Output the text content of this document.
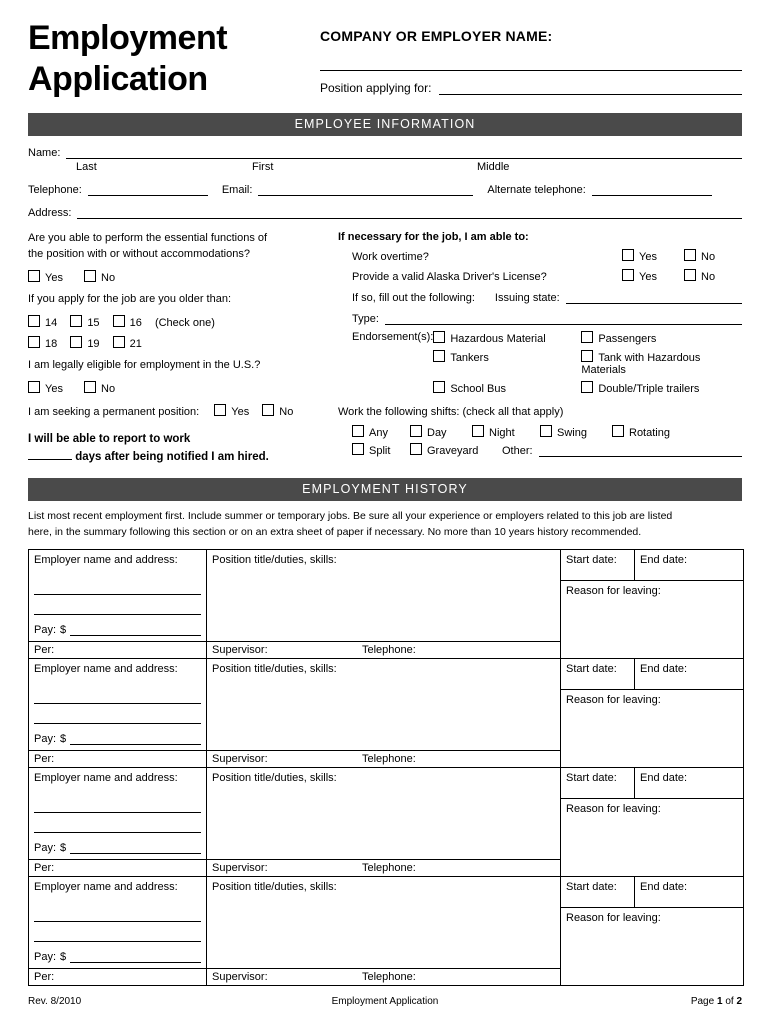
Employment
Application
COMPANY OR EMPLOYER NAME:
Position applying for:
EMPLOYEE INFORMATION
Name:
Last	First	Middle
Telephone:	Email:	Alternate telephone:
Address:
Are you able to perform the essential functions of
the position with or without accommodations?
Yes	No
If you apply for the job are you older than:
14	15	16 (Check one)
18	19	21
I am legally eligible for employment in the U.S.?
Yes	No
I am seeking a permanent position:	Yes	No
I will be able to report to work
days after being notified I am hired.
If necessary for the job, I am able to:
Work overtime?	Yes	No
Provide a valid Alaska Driver's License?	Yes	No
If so, fill out the following:	Issuing state:
Type:
Endorsement(s):	Hazardous Material	Passengers
Tankers	Tank with Hazardous Materials
School Bus	Double/Triple trailers
Work the following shifts: (check all that apply)
Any	Day	Night	Swing	Rotating
Split	Graveyard	Other:
EMPLOYMENT HISTORY
List most recent employment first. Include summer or temporary jobs. Be sure all your experience or employers related to this job are listed
here, in the summary following this section or on an extra sheet of paper if necessary. No more than 10 years history recommended.
Employer name and address:
Pay: $
Per:
Position title/duties, skills:
Supervisor:	Telephone:
Start date:	End date:
Reason for leaving:
Employer name and address:
Pay: $
Per:
Position title/duties, skills:
Supervisor:	Telephone:
Start date:	End date:
Reason for leaving:
Employer name and address:
Pay: $
Per:
Position title/duties, skills:
Supervisor:	Telephone:
Start date:	End date:
Reason for leaving:
Employer name and address:
Pay: $
Per:
Position title/duties, skills:
Supervisor:	Telephone:
Start date:	End date:
Reason for leaving:
Rev. 8/2010	Employment Application	Page 1 of 2
